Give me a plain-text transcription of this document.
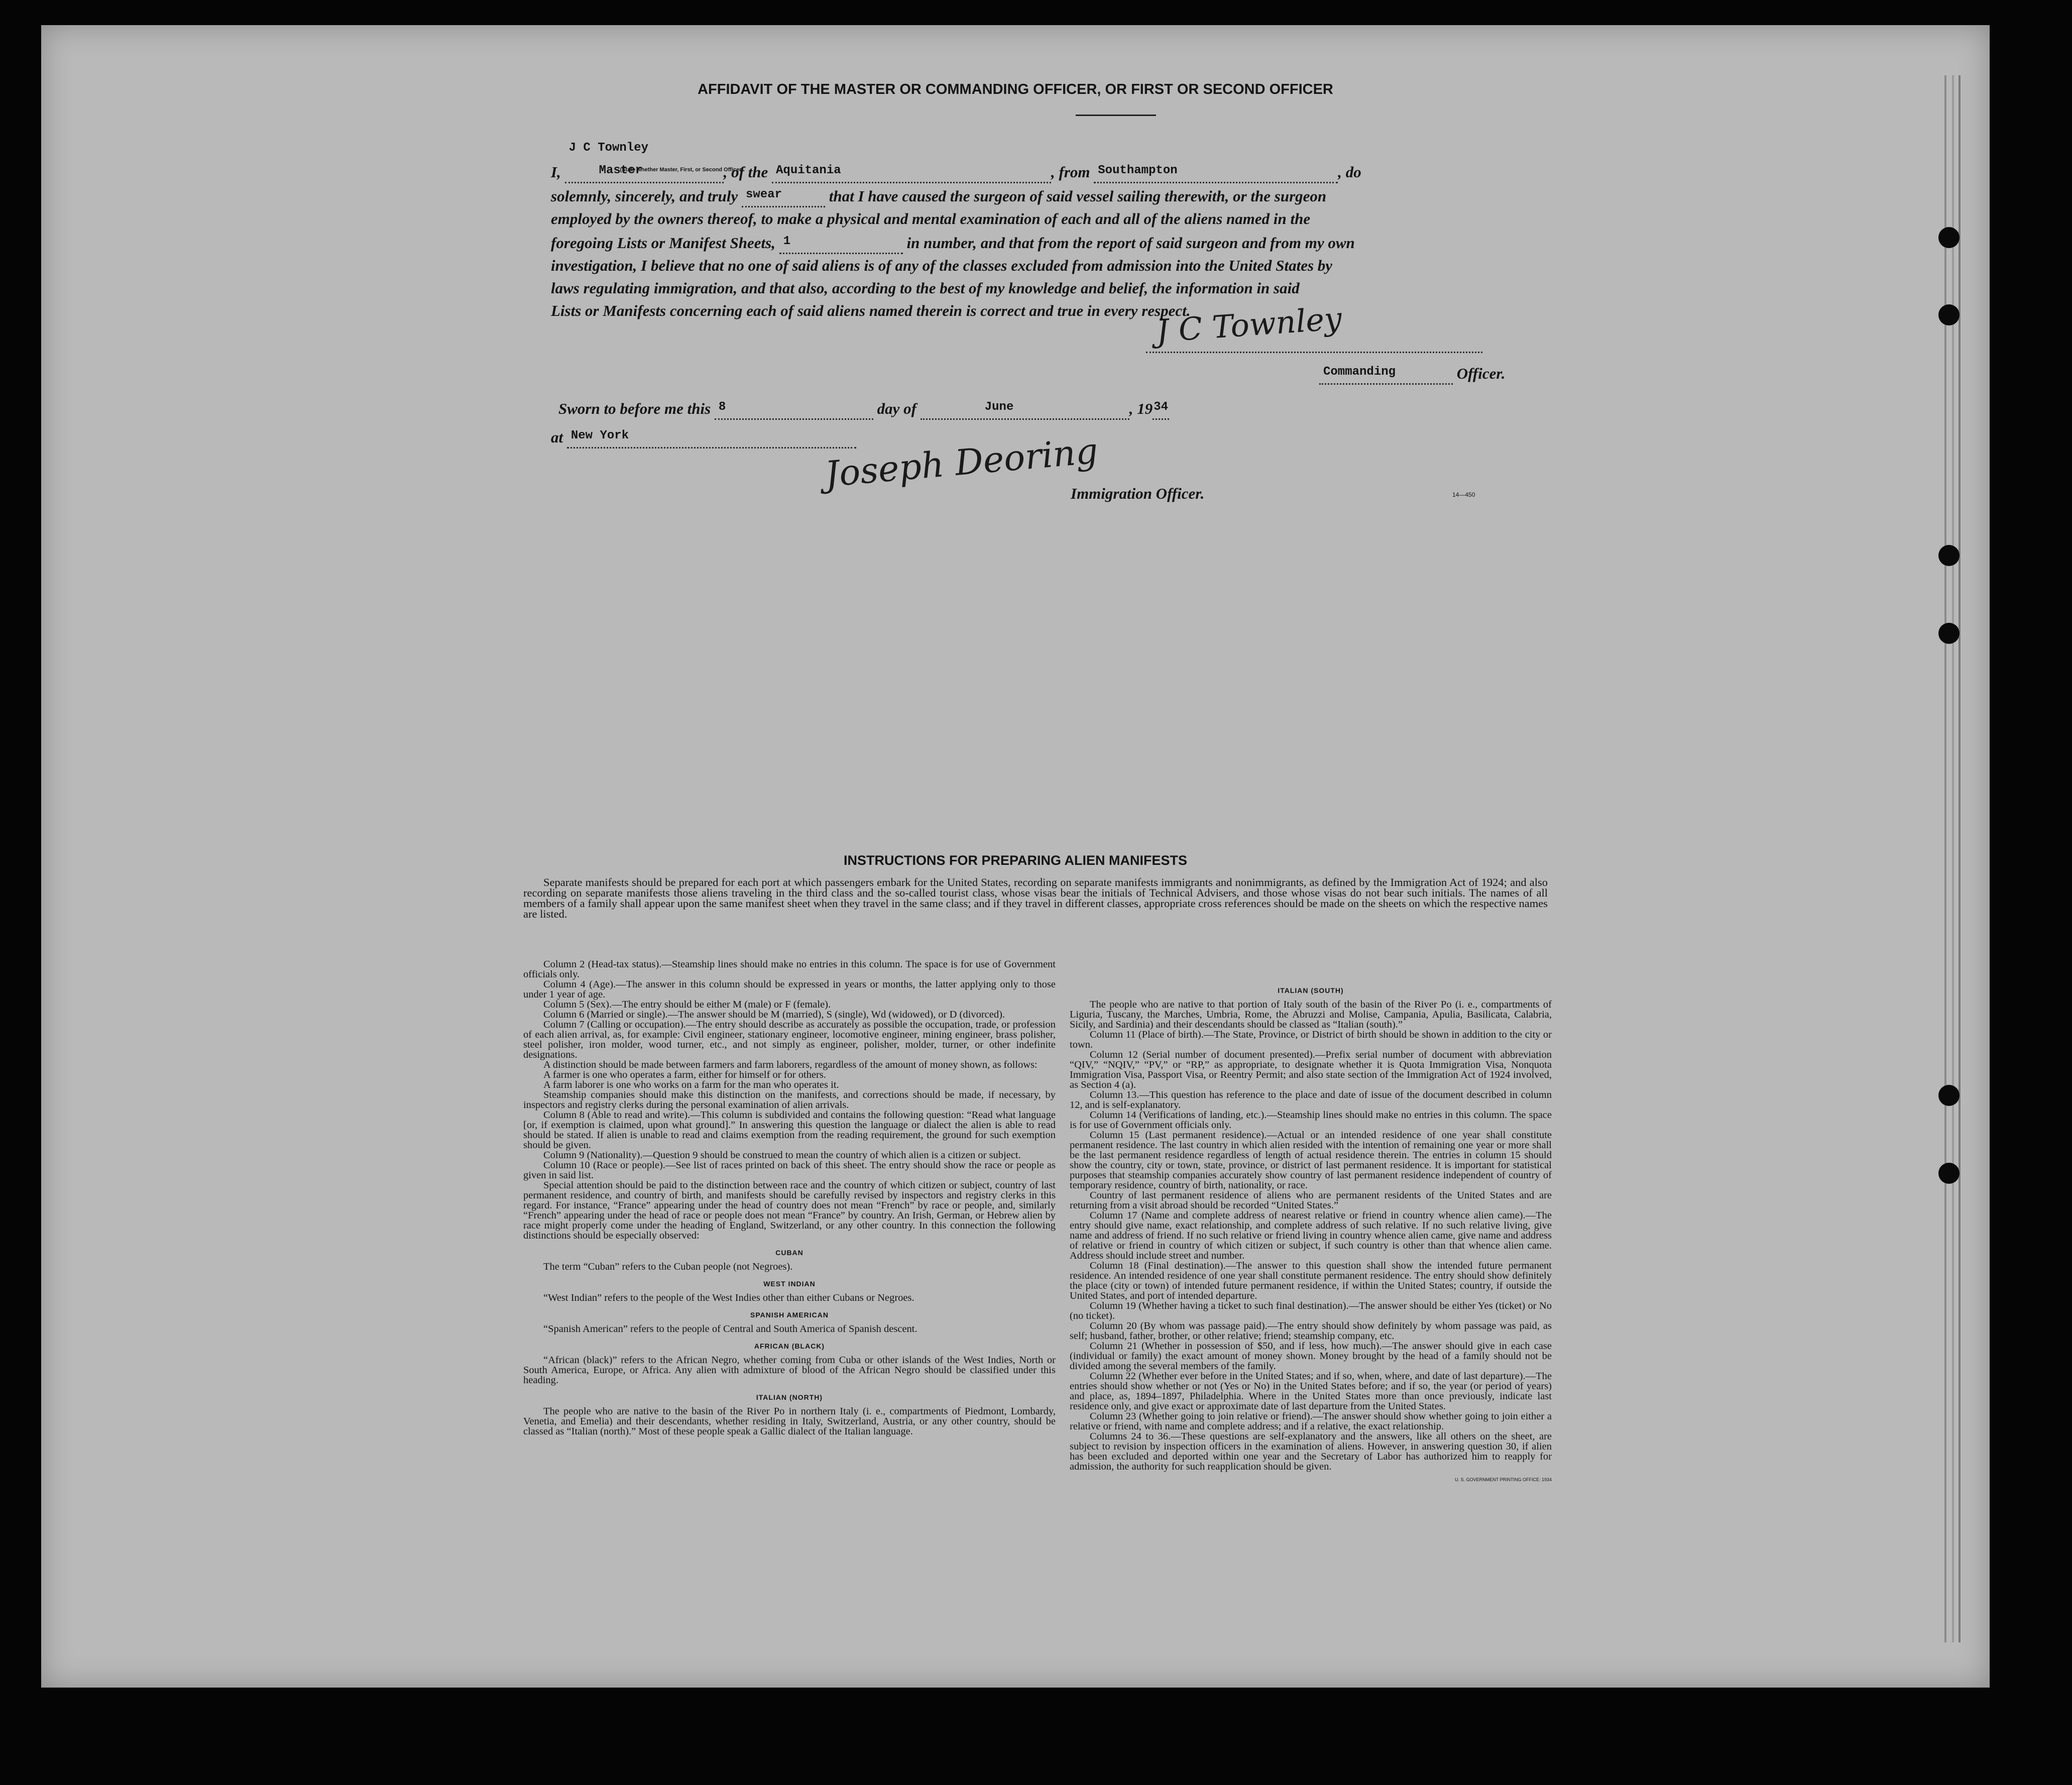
AFFIDAVIT OF THE MASTER OR COMMANDING OFFICER, OR FIRST OR SECOND OFFICER
I, J C Townley Master
(State whether Master, First, or Second Officer)
, of the Aquitania	, from Southampton	, do
solemnly, sincerely, and truly swear	that I have caused the surgeon of said vessel sailing therewith, or the surgeon
employed by the owners thereof, to make a physical and mental examination of each and all of the aliens named in the
foregoing Lists or Manifest Sheets, 1	in number, and that from the report of said surgeon and from my own
investigation, I believe that no one of said aliens is of any of the classes excluded from admission into the United States by
laws regulating immigration, and that also, according to the best of my knowledge and belief, the information in said
Lists or Manifests concerning each of said aliens named therein is correct and true in every respect.
J C Townley
Commanding	Officer.
Sworn to before me this 8	day of	June	, 1934
at New York	Joseph Deoring
Immigration Officer.	14—450
INSTRUCTIONS FOR PREPARING ALIEN MANIFESTS

Separate manifests should be prepared for each port at which passengers embark for the United States, recording on separate manifests immigrants and nonimmigrants, as defined by the Immigration Act of 1924; and also recording on separate manifests those aliens traveling in the third class and the so-called tourist class, whose visas bear the initials of Technical Advisers, and those whose visas do not bear such initials. The names of all members of a family shall appear upon the same manifest sheet when they travel in the same class; and if they travel in different classes, appropriate cross references should be made on the sheets on which the respective names are listed.

Column 2 (Head-tax status).—Steamship lines should make no entries in this column. The space is for use of Government officials only.

Column 4 (Age).—The answer in this column should be expressed in years or months, the latter applying only to those under 1 year of age.

Column 5 (Sex).—The entry should be either M (male) or F (female).

Column 6 (Married or single).—The answer should be M (married), S (single), Wd (widowed), or D (divorced).

Column 7 (Calling or occupation).—The entry should describe as accurately as possible the occupation, trade, or profession of each alien arrival, as, for example: Civil engineer, stationary engineer, locomotive engineer, mining engineer, brass polisher, steel polisher, iron molder, wood turner, etc., and not simply as engineer, polisher, molder, turner, or other indefinite designations.

A distinction should be made between farmers and farm laborers, regardless of the amount of money shown, as follows:

A farmer is one who operates a farm, either for himself or for others.

A farm laborer is one who works on a farm for the man who operates it.

Steamship companies should make this distinction on the manifests, and corrections should be made, if necessary, by inspectors and registry clerks during the personal examination of alien arrivals.

Column 8 (Able to read and write).—This column is subdivided and contains the following question: “Read what language [or, if exemption is claimed, upon what ground].” In answering this question the language or dialect the alien is able to read should be stated. If alien is unable to read and claims exemption from the reading requirement, the ground for such exemption should be given.

Column 9 (Nationality).—Question 9 should be construed to mean the country of which alien is a citizen or subject.

Column 10 (Race or people).—See list of races printed on back of this sheet. The entry should show the race or people as given in said list.

Special attention should be paid to the distinction between race and the country of which citizen or subject, country of last permanent residence, and country of birth, and manifests should be carefully revised by inspectors and registry clerks in this regard. For instance, “France” appearing under the head of country does not mean “French” by race or people, and, similarly “French” appearing under the head of race or people does not mean “France” by country. An Irish, German, or Hebrew alien by race might properly come under the heading of England, Switzerland, or any other country. In this connection the following distinctions should be especially observed:

CUBAN

The term “Cuban” refers to the Cuban people (not Negroes).

WEST INDIAN

“West Indian” refers to the people of the West Indies other than either Cubans or Negroes.

SPANISH AMERICAN

“Spanish American” refers to the people of Central and South America of Spanish descent.

AFRICAN (BLACK)

“African (black)” refers to the African Negro, whether coming from Cuba or other islands of the West Indies, North or South America, Europe, or Africa. Any alien with admixture of blood of the African Negro should be classified under this heading.

ITALIAN (NORTH)

The people who are native to the basin of the River Po in northern Italy (i. e., compartments of Piedmont, Lombardy, Venetia, and Emelia) and their descendants, whether residing in Italy, Switzerland, Austria, or any other country, should be classed as “Italian (north).” Most of these people speak a Gallic dialect of the Italian language.

ITALIAN (SOUTH)

The people who are native to that portion of Italy south of the basin of the River Po (i. e., compartments of Liguria, Tuscany, the Marches, Umbria, Rome, the Abruzzi and Molise, Campania, Apulia, Basilicata, Calabria, Sicily, and Sardinia) and their descendants should be classed as “Italian (south).”

Column 11 (Place of birth).—The State, Province, or District of birth should be shown in addition to the city or town.

Column 12 (Serial number of document presented).—Prefix serial number of document with abbreviation “QIV,” “NQIV,” “PV,” or “RP,” as appropriate, to designate whether it is Quota Immigration Visa, Nonquota Immigration Visa, Passport Visa, or Reentry Permit; and also state section of the Immigration Act of 1924 involved, as Section 4 (a).

Column 13.—This question has reference to the place and date of issue of the document described in column 12, and is self-explanatory.

Column 14 (Verifications of landing, etc.).—Steamship lines should make no entries in this column. The space is for use of Government officials only.

Column 15 (Last permanent residence).—Actual or an intended residence of one year shall constitute permanent residence. The last country in which alien resided with the intention of remaining one year or more shall be the last permanent residence regardless of length of actual residence therein. The entries in column 15 should show the country, city or town, state, province, or district of last permanent residence. It is important for statistical purposes that steamship companies accurately show country of last permanent residence independent of country of temporary residence, country of birth, nationality, or race.

Country of last permanent residence of aliens who are permanent residents of the United States and are returning from a visit abroad should be recorded “United States.”

Column 17 (Name and complete address of nearest relative or friend in country whence alien came).—The entry should give name, exact relationship, and complete address of such relative. If no such relative living, give name and address of friend. If no such relative or friend living in country whence alien came, give name and address of relative or friend in country of which citizen or subject, if such country is other than that whence alien came. Address should include street and number.

Column 18 (Final destination).—The answer to this question shall show the intended future permanent residence. An intended residence of one year shall constitute permanent residence. The entry should show definitely the place (city or town) of intended future permanent residence, if within the United States; country, if outside the United States, and port of intended departure.

Column 19 (Whether having a ticket to such final destination).—The answer should be either Yes (ticket) or No (no ticket).

Column 20 (By whom was passage paid).—The entry should show definitely by whom passage was paid, as self; husband, father, brother, or other relative; friend; steamship company, etc.

Column 21 (Whether in possession of $50, and if less, how much).—The answer should give in each case (individual or family) the exact amount of money shown. Money brought by the head of a family should not be divided among the several members of the family.

Column 22 (Whether ever before in the United States; and if so, when, where, and date of last departure).—The entries should show whether or not (Yes or No) in the United States before; and if so, the year (or period of years) and place, as, 1894–1897, Philadelphia. Where in the United States more than once previously, indicate last residence only, and give exact or approximate date of last departure from the United States.

Column 23 (Whether going to join relative or friend).—The answer should show whether going to join either a relative or friend, with name and complete address; and if a relative, the exact relationship.

Columns 24 to 36.—These questions are self-explanatory and the answers, like all others on the sheet, are subject to revision by inspection officers in the examination of aliens. However, in answering question 30, if alien has been excluded and deported within one year and the Secretary of Labor has authorized him to reapply for admission, the authority for such reapplication should be given.

U. S. GOVERNMENT PRINTING OFFICE: 1934
